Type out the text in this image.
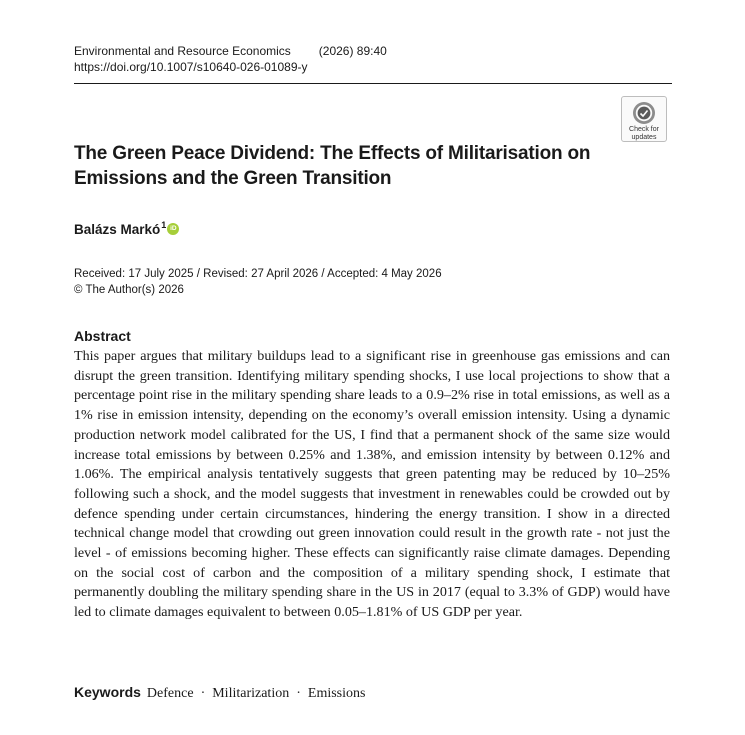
Environmental and Resource Economics (2026) 89:40
https://doi.org/10.1007/s10640-026-01089-y
Check for
updates
The Green Peace Dividend: The Effects of Militarisation on Emissions and the Green Transition
Balázs Markó$^1$ iD
Received: 17 July 2025 / Revised: 27 April 2026 / Accepted: 4 May 2026
© The Author(s) 2026
Abstract

This paper argues that military buildups lead to a significant rise in greenhouse gas emissions and can disrupt the green transition. Identifying military spending shocks, I use local projections to show that a percentage point rise in the military spending share leads to a 0.9–2% rise in total emissions, as well as a 1% rise in emission intensity, depending on the economy’s overall emission intensity. Using a dynamic production network model calibrated for the US, I find that a permanent shock of the same size would increase total emissions by between 0.25% and 1.38%, and emission intensity by between 0.12% and 1.06%. The empirical analysis tentatively suggests that green patenting may be reduced by 10–25% following such a shock, and the model suggests that investment in renewables could be crowded out by defence spending under certain circumstances, hindering the energy transition. I show in a directed technical change model that crowding out green innovation could result in the growth rate - not just the level - of emissions becoming higher. These effects can significantly raise climate damages. Depending on the social cost of carbon and the composition of a military spending shock, I estimate that permanently doubling the military spending share in the US in 2017 (equal to 3.3% of GDP) would have led to climate damages equivalent to between 0.05–1.81% of US GDP per year.

Keywords Defence · Militarization · Emissions
